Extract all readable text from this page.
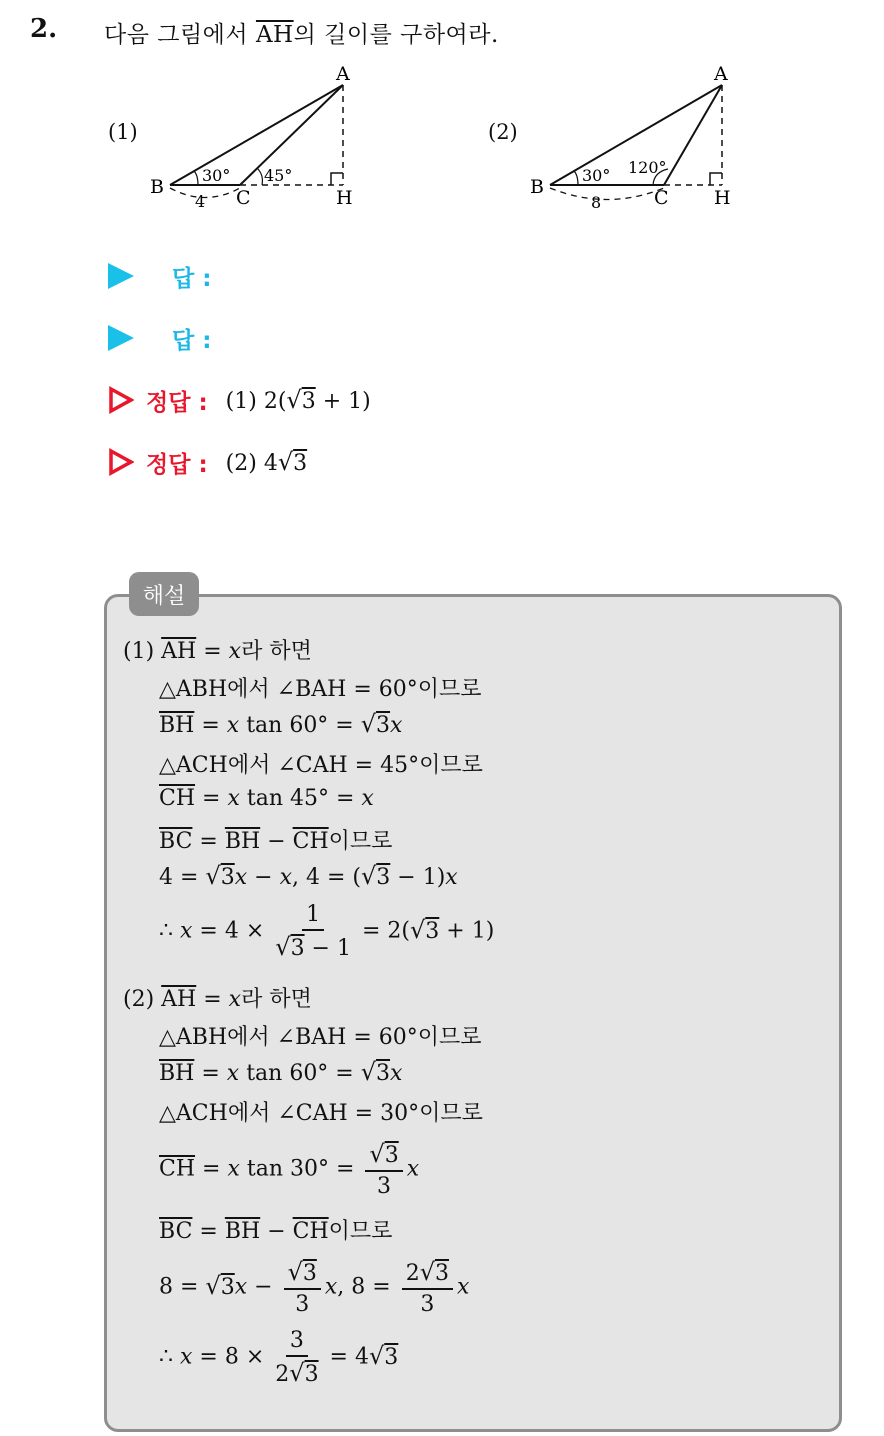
2. 다음 그림에서 $\overline{AH}$의 길이를 구하여라.
(1)
A
B	C	H
30° 45°
4
(2)
A
B	C H
30° 120°
8
답 :
답 :
정답 : (1) 2(√3 + 1)
정답 : (2) 4√3
해설
(1) $\overline{AH} = x$라 하면
△ABH에서 ∠BAH = 60°이므로
$\overline{BH} = x$ tan 60° = √3x
△ACH에서 ∠CAH = 45°이므로
$\overline{CH} = x$ tan 45° = x
$\overline{BC} = \overline{BH} - \overline{CH}$이므로
4 = √3x − x, 4 = (√3 − 1)x
∴ $x = 4 \times \frac{1}{√3 - 1} = 2(√3 + 1)$
(2) $\overline{AH} = x$라 하면
△ABH에서 ∠BAH = 60°이므로
$\overline{BH} = x$ tan 60° = √3x
△ACH에서 ∠CAH = 30°이므로
$\overline{CH} = x$ $\tan 30^\circ = \frac{√3}{3}$ x
$\overline{BC} = \overline{BH} - \overline{CH}$이므로
$8 = √3x - \frac{√3}{3} x$, $8 = \frac{2√3}{3}$ x
∴ $x = 8 \times \frac{3}{2√3} = 4√3$
